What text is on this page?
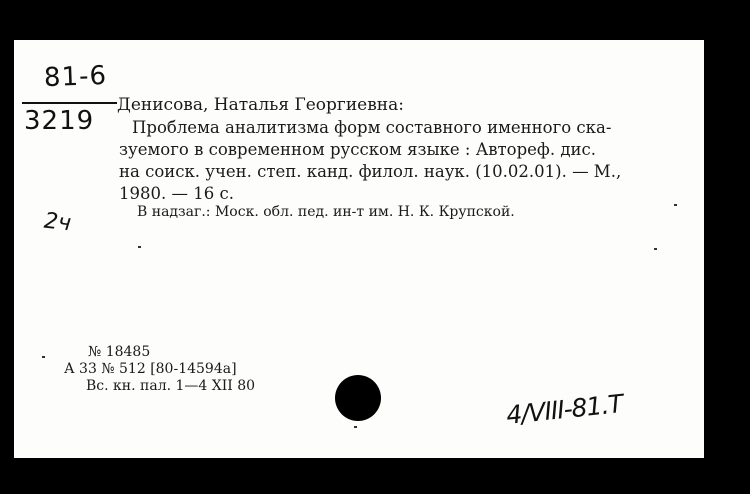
81-6
3219
2ч
Денисова, Наталья Георгиевна:
Проблема аналитизма форм составного именного ска-
зуемого в современном русском языке : Автореф. дис.
на соиск. учен. степ. канд. филол. наук. (10.02.01). — М.,
1980. — 16 с.
В надзаг.: Моск. обл. пед. ин-т им. Н. К. Крупской.
№ 18485
А 33 № 512 [80-14594а]
Вс. кн. пал. 1—4 XII 80
4/VIII-81.Т
